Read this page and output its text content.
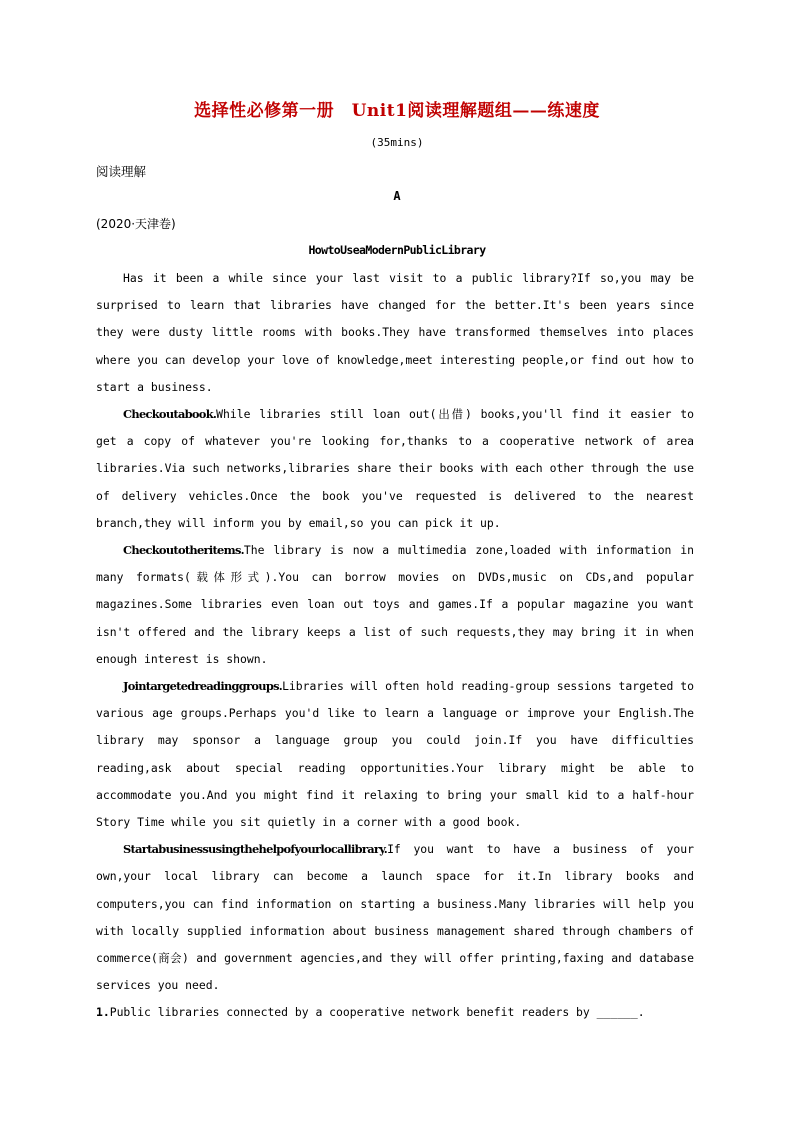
选择性必修第一册　Unit1阅读理解题组——练速度
(35mins)
阅读理解
A
(2020·天津卷)
HowtoUseaModernPublicLibrary

Has it been a while since your last visit to a public library?If so,you may be surprised to learn that libraries have changed for the better.It's been years since they were dusty little rooms with books.They have transformed themselves into places where you can develop your love of knowledge,meet interesting people,or find out how to start a business.

Checkoutabook.While libraries still loan out(出借) books,you'll find it easier to get a copy of whatever you're looking for,thanks to a cooperative network of area libraries.Via such networks,libraries share their books with each other through the use of delivery vehicles.Once the book you've requested is delivered to the nearest branch,they will inform you by email,so you can pick it up.

Checkoutotheritems.The library is now a multimedia zone,loaded with information in many formats(载体形式).You can borrow movies on DVDs,music on CDs,and popular magazines.Some libraries even loan out toys and games.If a popular magazine you want isn't offered and the library keeps a list of such requests,they may bring it in when enough interest is shown.

Jointargetedreadinggroups.Libraries will often hold reading-group sessions targeted to various age groups.Perhaps you'd like to learn a language or improve your English.The library may sponsor a language group you could join.If you have difficulties reading,ask about special reading opportunities.Your library might be able to accommodate you.And you might find it relaxing to bring your small kid to a half-hour Story Time while you sit quietly in a corner with a good book.

Startabusinessusingthehelpofyourlocallibrary.If you want to have a business of your own,your local library can become a launch space for it.In library books and computers,you can find information on starting a business.Many libraries will help you with locally supplied information about business management shared through chambers of commerce(商会) and government agencies,and they will offer printing,faxing and database services you need.

1.Public libraries connected by a cooperative network benefit readers by ______.
